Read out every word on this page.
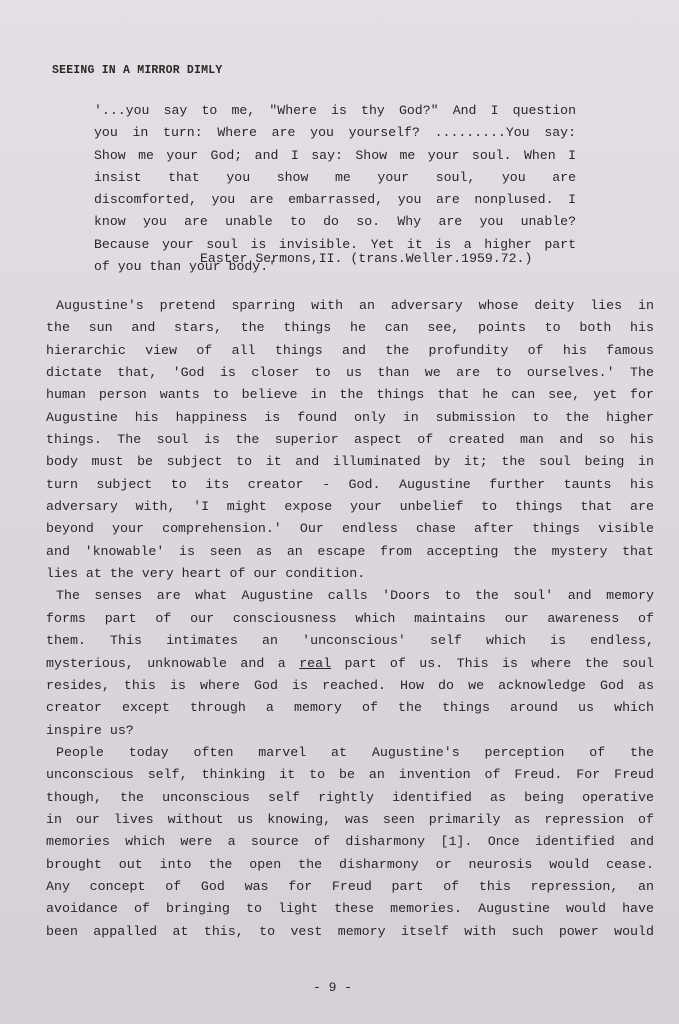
SEEING IN A MIRROR DIMLY
'...you say to me, "Where is thy God?" And I question
you in turn: Where are you yourself? .........You say:
Show me your God; and I say: Show me your soul. When I
insist that you show me your soul, you are
discomforted, you are embarrassed, you are nonplused. I
know you are unable to do so. Why are you unable?
Because your soul is invisible. Yet it is a higher part
of you than your body.'
Easter Sermons,II. (trans.Weller.1959.72.)
Augustine's pretend sparring with an adversary whose deity lies in
the sun and stars, the things he can see, points to both his
hierarchic view of all things and the profundity of his famous
dictate that, 'God is closer to us than we are to ourselves.' The
human person wants to believe in the things that he can see, yet for
Augustine his happiness is found only in submission to the higher
things. The soul is the superior aspect of created man and so his
body must be subject to it and illuminated by it; the soul being in
turn subject to its creator - God. Augustine further taunts his
adversary with, 'I might expose your unbelief to things that are
beyond your comprehension.' Our endless chase after things visible
and 'knowable' is seen as an escape from accepting the mystery that
lies at the very heart of our condition.
The senses are what Augustine calls 'Doors to the soul' and memory
forms part of our consciousness which maintains our awareness of
them. This intimates an 'unconscious' self which is endless,
mysterious, unknowable and a real part of us. This is where the soul
resides, this is where God is reached. How do we acknowledge God as
creator except through a memory of the things around us which
inspire us?
People today often marvel at Augustine's perception of the
unconscious self, thinking it to be an invention of Freud. For Freud
though, the unconscious self rightly identified as being operative
in our lives without us knowing, was seen primarily as repression of
memories which were a source of disharmony [1]. Once identified and
brought out into the open the disharmony or neurosis would cease.
Any concept of God was for Freud part of this repression, an
avoidance of bringing to light these memories. Augustine would have
been appalled at this, to vest memory itself with such power would
- 9 -
